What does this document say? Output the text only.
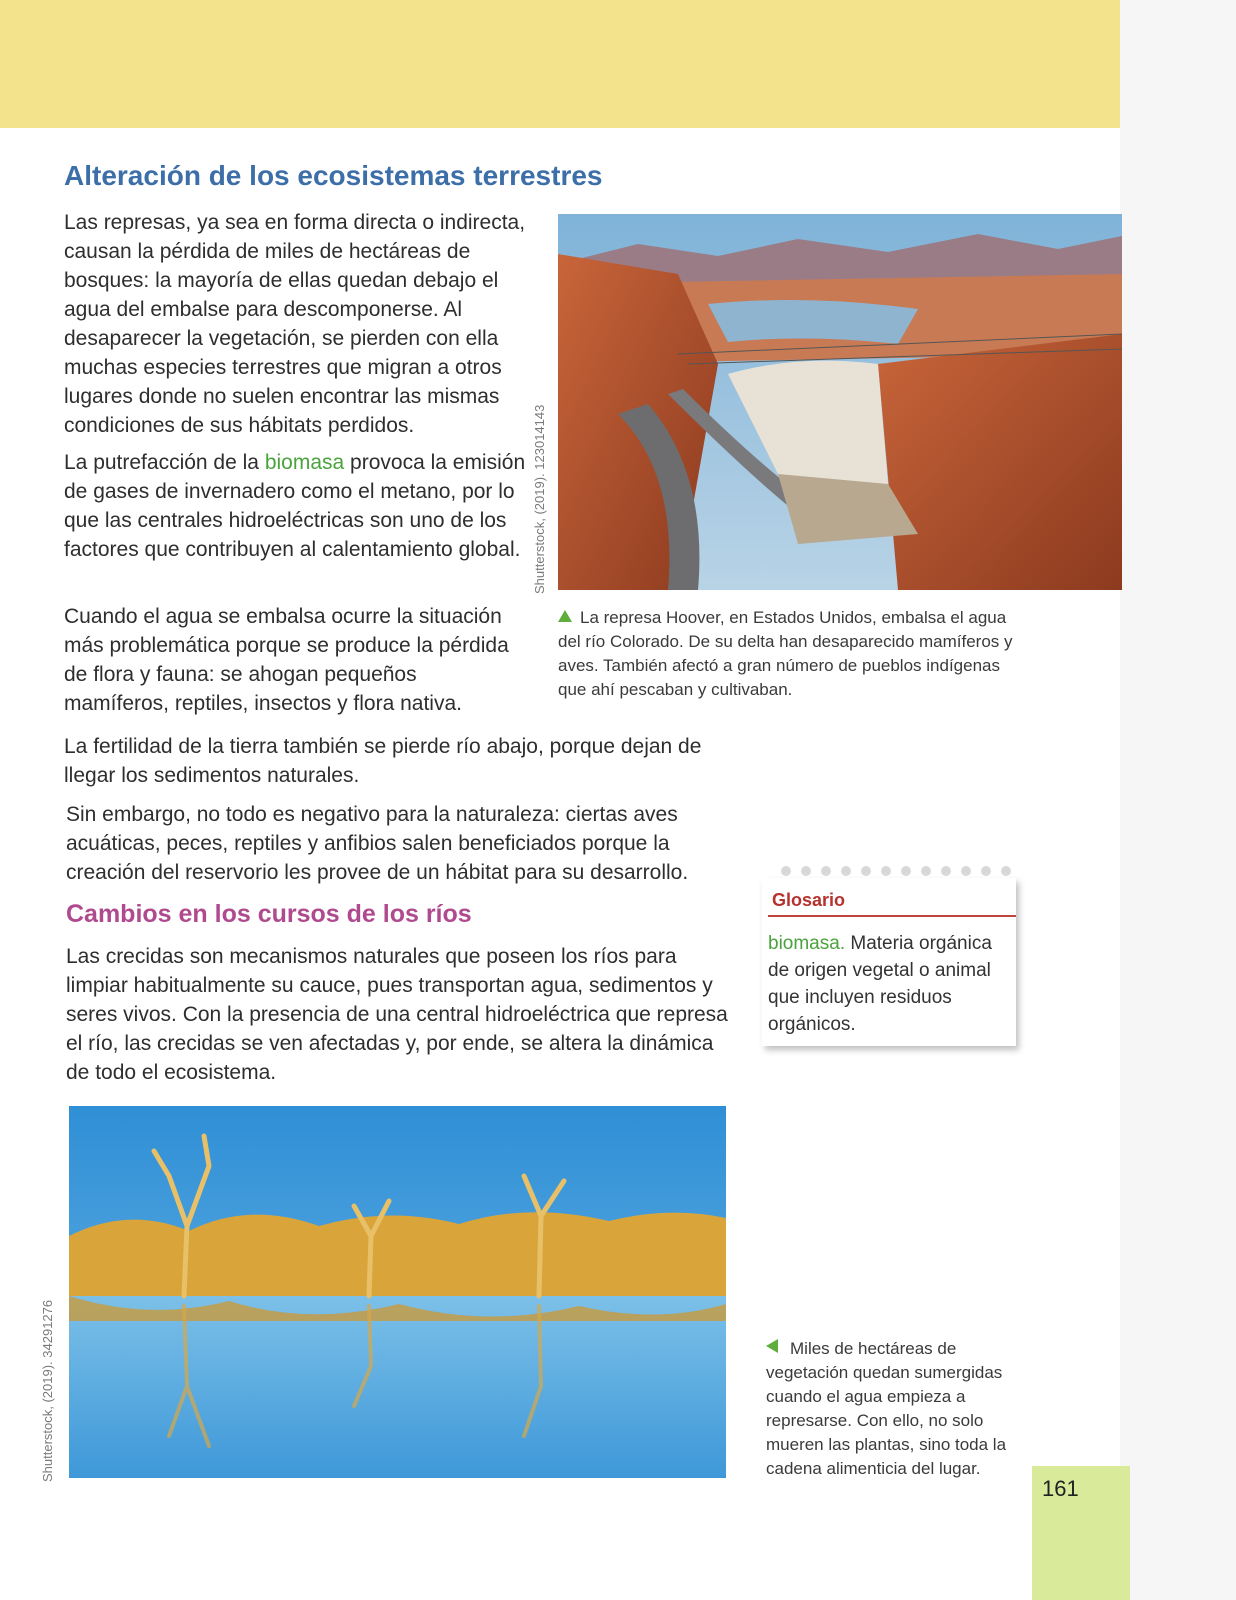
Alteración de los ecosistemas terrestres

Las represas, ya sea en forma directa o indirecta, causan la pérdida de miles de hectáreas de bosques: la mayoría de ellas quedan debajo el agua del embalse para descomponerse. Al desaparecer la vegetación, se pierden con ella muchas especies terrestres que migran a otros lugares donde no suelen encontrar las mismas condiciones de sus hábitats perdidos.

La putrefacción de la biomasa provoca la emisión de gases de invernadero como el metano, por lo que las centrales hidroeléctricas son uno de los factores que contribuyen al calentamiento global.

Cuando el agua se embalsa ocurre la situación más problemática porque se produce la pérdida de flora y fauna: se ahogan pequeños mamíferos, reptiles, insectos y flora nativa.

La fertilidad de la tierra también se pierde río abajo, porque dejan de llegar los sedimentos naturales.

Sin embargo, no todo es negativo para la naturaleza: ciertas aves acuáticas, peces, reptiles y anfibios salen beneficiados porque la creación del reservorio les provee de un hábitat para su desarrollo.

Cambios en los cursos de los ríos

Las crecidas son mecanismos naturales que poseen los ríos para limpiar habitualmente su cauce, pues transportan agua, sedimentos y seres vivos. Con la presencia de una central hidroeléctrica que represa el río, las crecidas se ven afectadas y, por ende, se altera la dinámica de todo el ecosistema.

Shutterstock, (2019). 123014143

La represa Hoover, en Estados Unidos, embalsa el agua del río Colorado. De su delta han desaparecido mamíferos y aves. También afectó a gran número de pueblos indígenas que ahí pescaban y cultivaban.

Glosario

biomasa. Materia orgánica de origen vegetal o animal que incluyen residuos orgánicos.

Shutterstock, (2019). 34291276	Miles de hectáreas de vegetación quedan sumergidas cuando el agua empieza a represarse. Con ello, no solo mueren las plantas, sino toda la cadena alimenticia del lugar.

161
